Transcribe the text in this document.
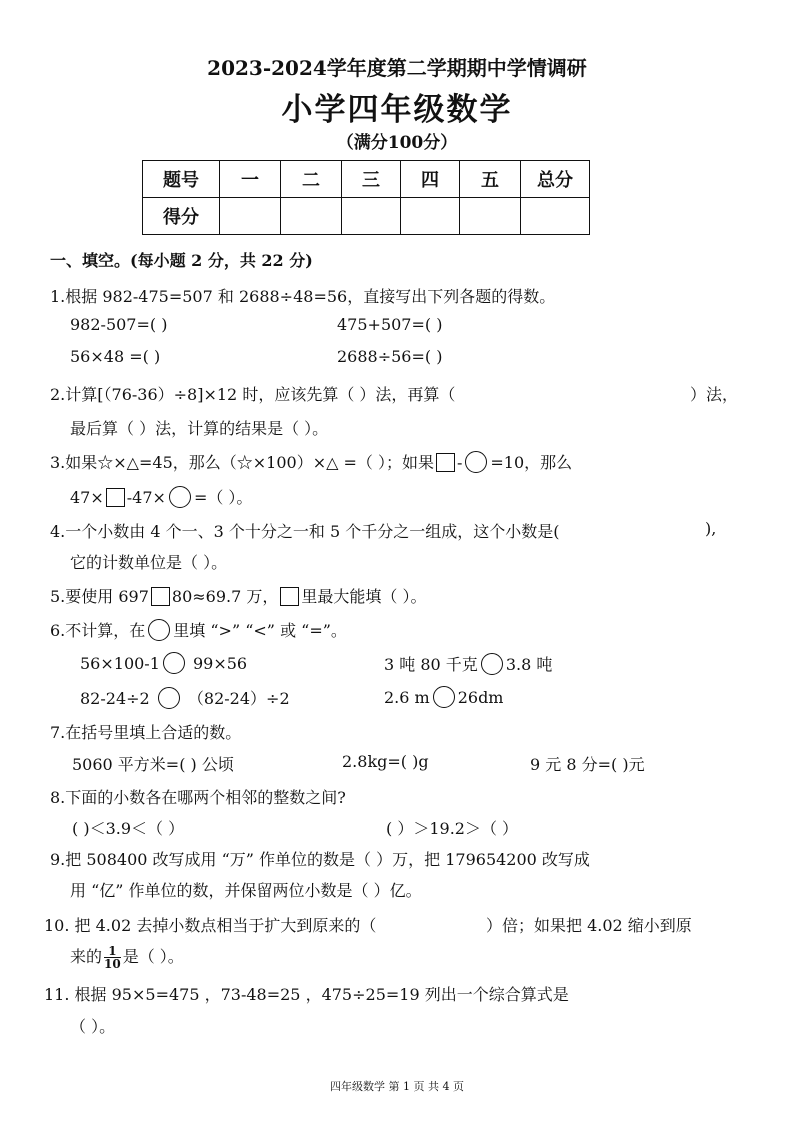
2023-2024学年度第二学期期中学情调研
小学四年级数学
（满分100分）
题号	一	二	三	四	五	总分
得分						
一、填空。(每小题 2 分，共 22 分)
1.根据 982-475=507 和 2688÷48=56，直接写出下列各题的得数。
982-507=( )	475+507=( )
56×48 =( )	2688÷56=( )
2.计算[（76-36）÷8]×12 时，应该先算（ ）法，再算（	）法，
最后算（ ）法，计算的结果是（ ）。
3.如果☆×△=45，那么（☆×100）×△ =（ ）；如果 - =10，那么
47× -47× =（ ）。
4.一个小数由 4 个一、3 个十分之一和 5 个千分之一组成，这个小数是(	),
它的计数单位是（ ）。
5.要使用 697 80≈69.7 万， 里最大能填（ ）。
6.不计算，在 里填 “>” “<” 或 “=”。
56×100-1 99×56	3 吨 80 千克 3.8 吨
82-24÷2 （82-24）÷2	2.6 m 26dm
7.在括号里填上合适的数。
5060 平方米=( ) 公顷	2.8kg=( )g	9 元 8 分=( )元
8.下面的小数各在哪两个相邻的整数之间?
( )＜3.9＜（ ）	( ）＞19.2＞（ ）
9.把 508400 改写成用 “万” 作单位的数是（ ）万，把 179654200 改写成
用 “亿” 作单位的数，并保留两位小数是（ ）亿。
10. 把 4.02 去掉小数点相当于扩大到原来的（	）倍；如果把 4.02 缩小到原
来的 $\frac{1}{10}$ 是（ ）。
11. 根据 95×5=475 ，73-48=25 ，475÷25=19 列出一个综合算式是
（ ）。
四年级数学 第 1 页 共 4 页
